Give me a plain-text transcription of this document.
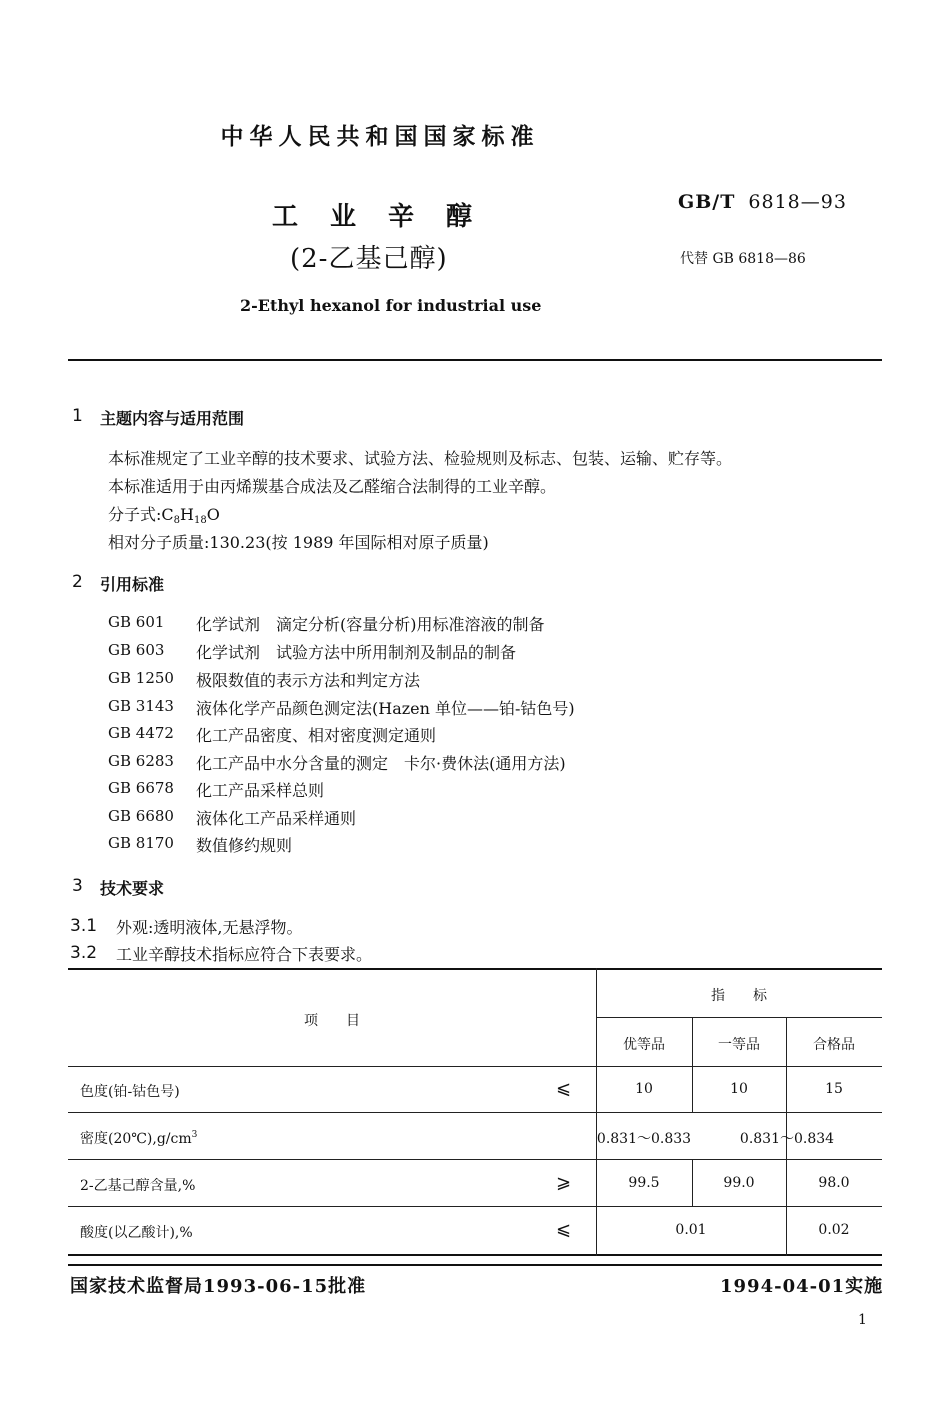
中华人民共和国国家标准
工业辛醇
(2-乙基己醇)
2-Ethyl hexanol for industrial use
GB/T 6818—93
代替 GB 6818—86
1 主题内容与适用范围
本标准规定了工业辛醇的技术要求、试验方法、检验规则及标志、包装、运输、贮存等。
本标准适用于由丙烯羰基合成法及乙醛缩合法制得的工业辛醇。
分子式$:C_8H_{18}O$
相对分子质量:130.23(按 1989 年国际相对原子质量)
2 引用标准
GB 601 化学试剂　滴定分析(容量分析)用标准溶液的制备
GB 603 化学试剂　试验方法中所用制剂及制品的制备
GB 1250 极限数值的表示方法和判定方法
GB 3143 液体化学产品颜色测定法(Hazen 单位——铂-钴色号)
GB 4472 化工产品密度、相对密度测定通则
GB 6283 化工产品中水分含量的测定　卡尔·费休法(通用方法)
GB 6678 化工产品采样总则
GB 6680 液体化工产品采样通则
GB 8170 数值修约规则
3 技术要求
3.1 外观:透明液体,无悬浮物。
3.2 工业辛醇技术指标应符合下表要求。
项　　目
指　　标
优等品	一等品	合格品
色度(铂-钴色号)	⩽	10	10	15
密度$(20℃),g/cm^3$	0.831～0.833	0.831～0.834
2-乙基己醇含量,%	⩾	99.5	99.0	98.0
酸度(以乙酸计),%	⩽	0.01	0.02
国家技术监督局1993-06-15批准	1994-04-01实施
1
